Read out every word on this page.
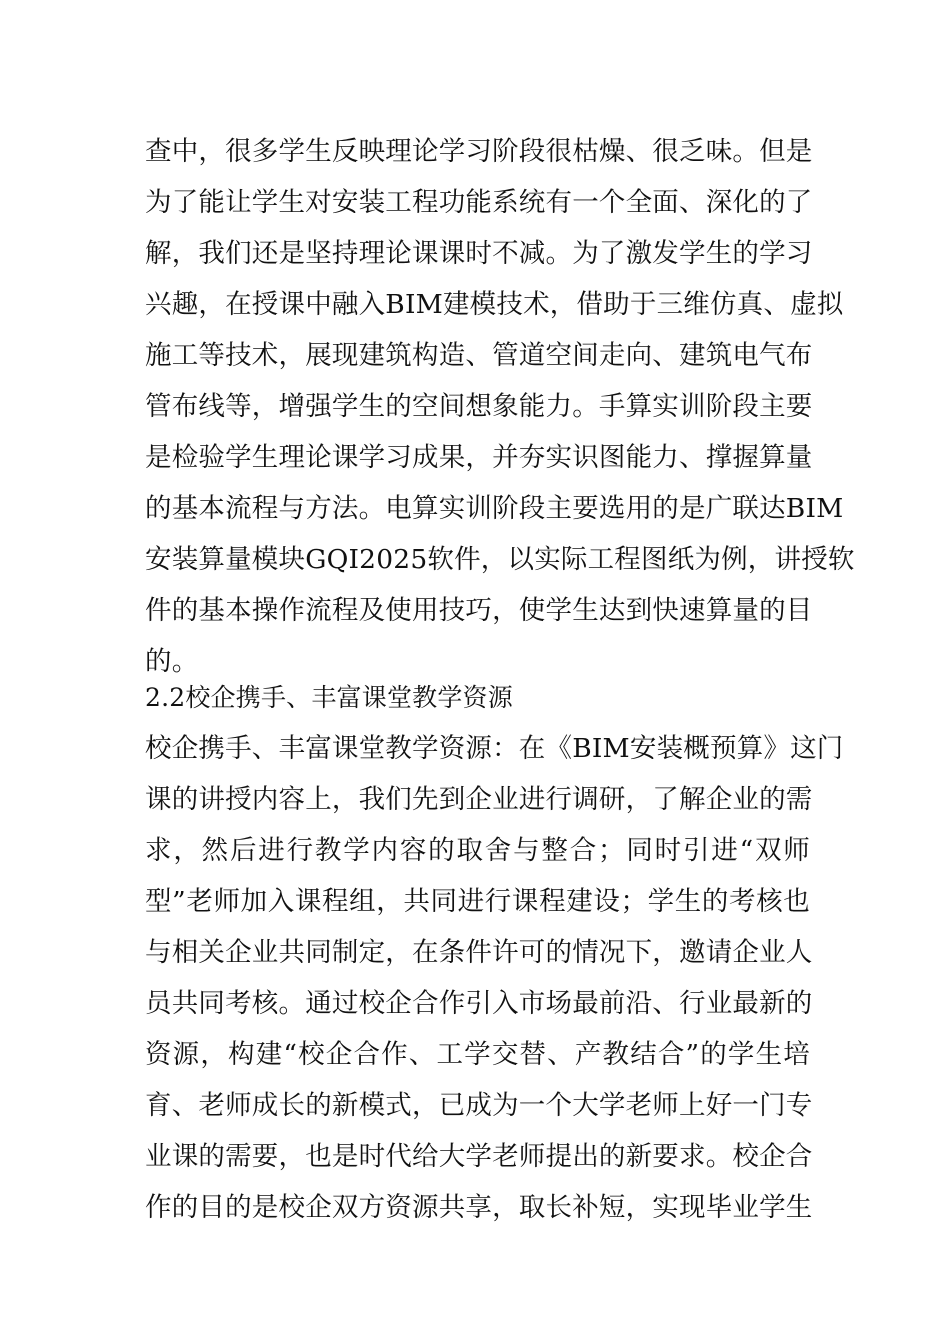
查中，很多学生反映理论学习阶段很枯燥、很乏味。但是
为了能让学生对安装工程功能系统有一个全面、深化的了
解，我们还是坚持理论课课时不减。为了激发学生的学习
兴趣，在授课中融入BIM建模技术，借助于三维仿真、虚拟
施工等技术，展现建筑构造、管道空间走向、建筑电气布
管布线等，增强学生的空间想象能力。手算实训阶段主要
是检验学生理论课学习成果，并夯实识图能力、撑握算量
的基本流程与方法。电算实训阶段主要选用的是广联达BIM
安装算量模块GQI2025软件，以实际工程图纸为例，讲授软
件的基本操作流程及使用技巧，使学生达到快速算量的目
的。
2.2校企携手、丰富课堂教学资源
校企携手、丰富课堂教学资源：在《BIM安装概预算》这门
课的讲授内容上，我们先到企业进行调研，了解企业的需
求，然后进行教学内容的取舍与整合；同时引进“双师
型”老师加入课程组，共同进行课程建设；学生的考核也
与相关企业共同制定，在条件许可的情况下，邀请企业人
员共同考核。通过校企合作引入市场最前沿、行业最新的
资源，构建“校企合作、工学交替、产教结合”的学生培
育、老师成长的新模式，已成为一个大学老师上好一门专
业课的需要，也是时代给大学老师提出的新要求。校企合
作的目的是校企双方资源共享，取长补短，实现毕业学生
